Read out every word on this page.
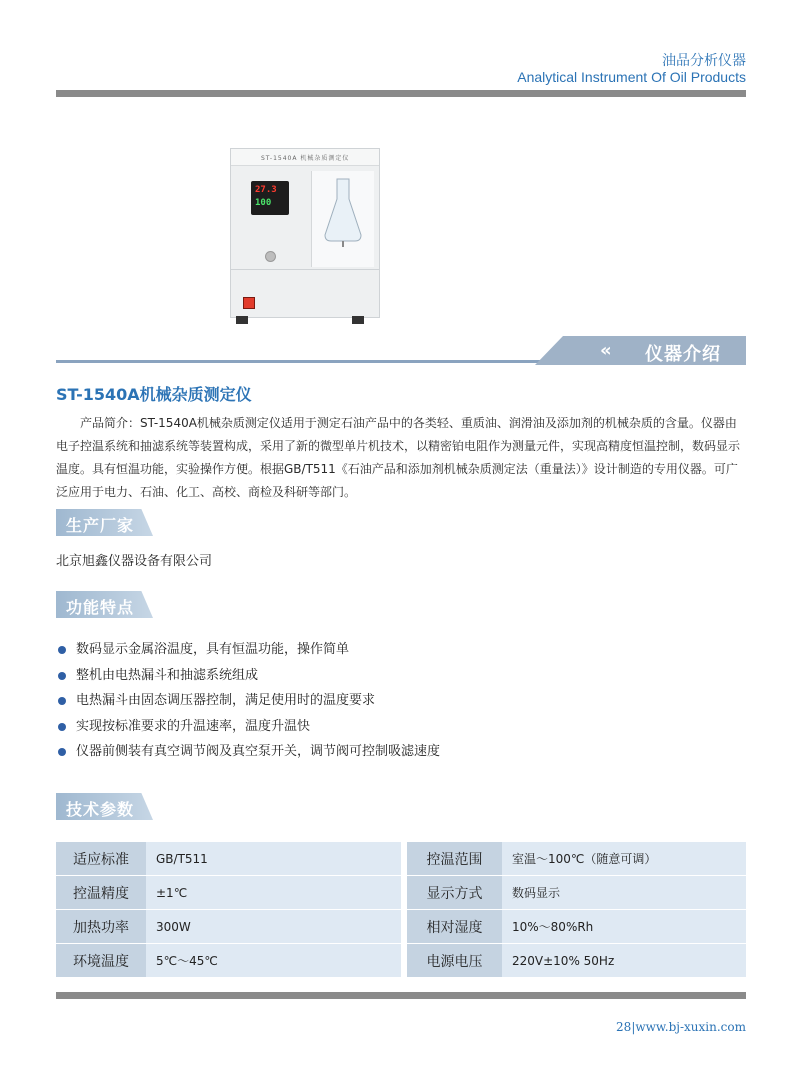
油品分析仪器
Analytical Instrument Of Oil Products
ST-1540A 机械杂质测定仪
27.3
100
« 仪器介绍
ST-1540A机械杂质测定仪
产品简介：ST-1540A机械杂质测定仪适用于测定石油产品中的各类轻、重质油、润滑油及添加剂的机械杂质的含量。仪器由电子控温系统和抽滤系统等装置构成，采用了新的微型单片机技术，以精密铂电阻作为测量元件，实现高精度恒温控制，数码显示温度。具有恒温功能，实验操作方便。根据GB/T511《石油产品和添加剂机械杂质测定法（重量法）》设计制造的专用仪器。可广泛应用于电力、石油、化工、高校、商检及科研等部门。
生产厂家
北京旭鑫仪器设备有限公司
功能特点
数码显示金属浴温度，具有恒温功能，操作简单
整机由电热漏斗和抽滤系统组成
电热漏斗由固态调压器控制，满足使用时的温度要求
实现按标准要求的升温速率，温度升温快
仪器前侧装有真空调节阀及真空泵开关，调节阀可控制吸滤速度
技术参数
适应标准	GB/T511		控温范围	室温～100℃（随意可调）
控温精度	±1℃		显示方式	数码显示
加热功率	300W		相对湿度	10%～80%Rh
环境温度	5℃～45℃		电源电压	220V±10% 50Hz
28|www.bj-xuxin.com
